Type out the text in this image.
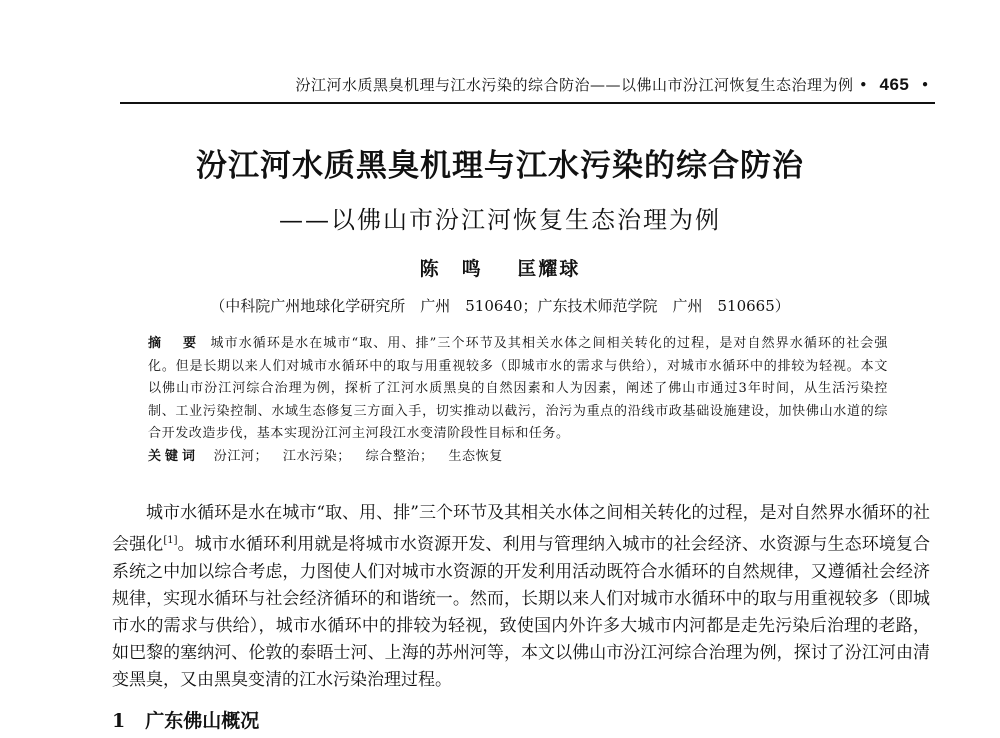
汾江河水质黑臭机理与江水污染的综合防治——以佛山市汾江河恢复生态治理为例 • 465 •
汾江河水质黑臭机理与江水污染的综合防治
——以佛山市汾江河恢复生态治理为例
陈　鸣 匡耀球
（中科院广州地球化学研究所　广州　510640；广东技术师范学院　广州　510665）
摘　要 城市水循环是水在城市“取、用、排”三个环节及其相关水体之间相关转化的过程，是对自然界水循环的社会强化。但是长期以来人们对城市水循环中的取与用重视较多（即城市水的需求与供给），对城市水循环中的排较为轻视。本文以佛山市汾江河综合治理为例，探析了江河水质黑臭的自然因素和人为因素，阐述了佛山市通过3年时间，从生活污染控制、工业污染控制、水域生态修复三方面入手，切实推动以截污，治污为重点的沿线市政基础设施建设，加快佛山水道的综合开发改造步伐，基本实现汾江河主河段江水变清阶段性目标和任务。
关键词 汾江河； 江水污染； 综合整治； 生态恢复
城市水循环是水在城市“取、用、排”三个环节及其相关水体之间相关转化的过程，是对自然界水循环的社会强化[1]。城市水循环利用就是将城市水资源开发、利用与管理纳入城市的社会经济、水资源与生态环境复合系统之中加以综合考虑，力图使人们对城市水资源的开发利用活动既符合水循环的自然规律，又遵循社会经济规律，实现水循环与社会经济循环的和谐统一。然而，长期以来人们对城市水循环中的取与用重视较多（即城市水的需求与供给），城市水循环中的排较为轻视，致使国内外许多大城市内河都是走先污染后治理的老路，如巴黎的塞纳河、伦敦的泰晤士河、上海的苏州河等，本文以佛山市汾江河综合治理为例，探讨了汾江河由清变黑臭，又由黑臭变清的江水污染治理过程。
1 广东佛山概况
